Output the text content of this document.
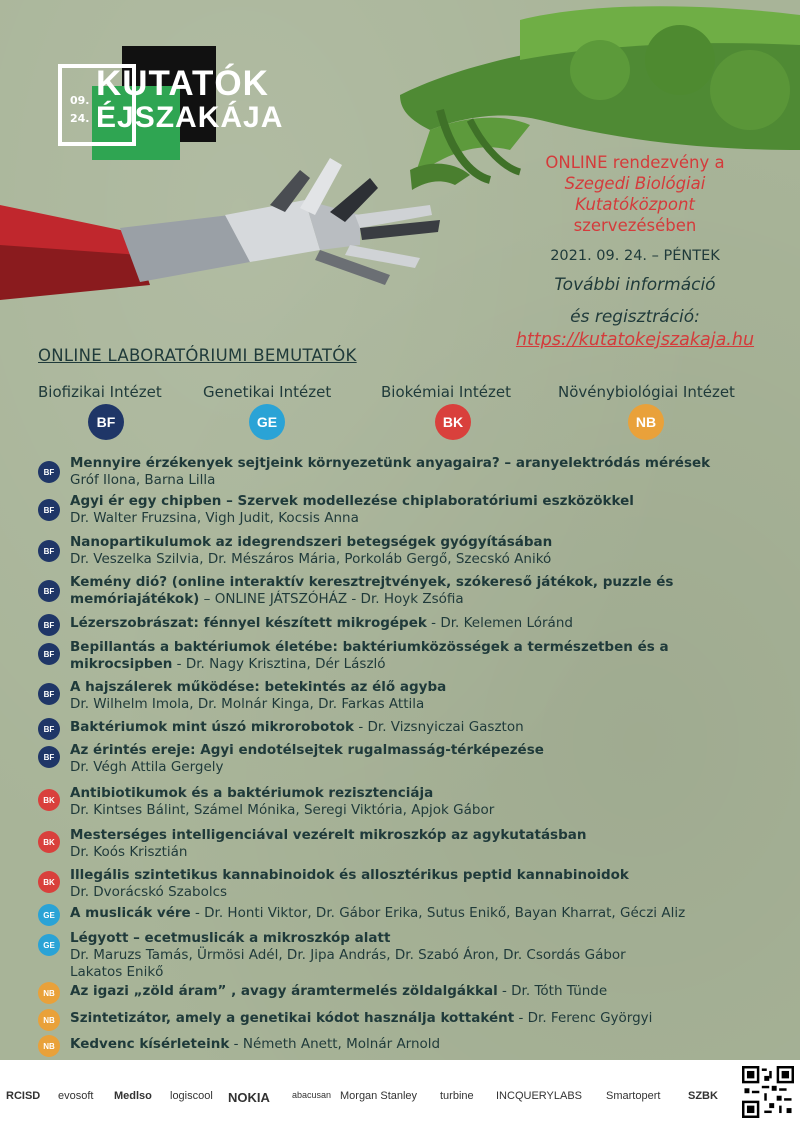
09.
24.
KUTATÓK
ÉJSZAKÁJA
ONLINE rendezvény a
Szegedi Biológiai
Kutatóközpont
szervezésében
2021. 09. 24. – PÉNTEK
További információ
és regisztráció:
https://kutatokejszakaja.hu
ONLINE LABORATÓRIUMI BEMUTATÓK
Biofizikai Intézet	Genetikai Intézet	Biokémiai Intézet	Növénybiológiai Intézet
BF	GE	BK	NB
BF
Mennyire érzékenyek sejtjeink környezetünk anyagaira? – aranyelektródás mérések
Gróf Ilona, Barna Lilla
BF
Agyi ér egy chipben – Szervek modellezése chiplaboratóriumi eszközökkel
Dr. Walter Fruzsina, Vigh Judit, Kocsis Anna
BF
Nanopartikulumok az idegrendszeri betegségek gyógyításában
Dr. Veszelka Szilvia, Dr. Mészáros Mária, Porkoláb Gergő, Szecskó Anikó
BF
Kemény dió? (online interaktív keresztrejtvények, szókereső játékok, puzzle és
memóriajátékok) – ONLINE JÁTSZÓHÁZ - Dr. Hoyk Zsófia
BF	Lézerszobrászat: fénnyel készített mikrogépek - Dr. Kelemen Lóránd
BF	Bepillantás a baktériumok életébe: baktériumközösségek a természetben és a
mikrocsipben - Dr. Nagy Krisztina, Dér László
BF	A hajszálerek működése: betekintés az élő agyba
Dr. Wilhelm Imola, Dr. Molnár Kinga, Dr. Farkas Attila
BF	Baktériumok mint úszó mikrorobotok - Dr. Vizsnyiczai Gaszton
BF	Az érintés ereje: Agyi endotélsejtek rugalmasság-térképezése
Dr. Végh Attila Gergely
BK	Antibiotikumok és a baktériumok rezisztenciája
Dr. Kintses Bálint, Számel Mónika, Seregi Viktória, Apjok Gábor
BK	Mesterséges intelligenciával vezérelt mikroszkóp az agykutatásban
Dr. Koós Krisztián
BK	Illegális szintetikus kannabinoidok és allosztérikus peptid kannabinoidok
Dr. Dvorácskó Szabolcs
GE	A muslicák vére - Dr. Honti Viktor, Dr. Gábor Erika, Sutus Enikő, Bayan Kharrat, Géczi Aliz
GE	Légyott – ecetmuslicák a mikroszkóp alatt
Dr. Maruzs Tamás, Ürmösi Adél, Dr. Jipa András, Dr. Szabó Áron, Dr. Csordás Gábor
Lakatos Enikő
NB	Az igazi „zöld áram” , avagy áramtermelés zöldalgákkal - Dr. Tóth Tünde
NB	Szintetizátor, amely a genetikai kódot használja kottaként - Dr. Ferenc Györgyi
NB	Kedvenc kísérleteink - Németh Anett, Molnár Arnold
RCISD evosoft Medlso logiscool NOKIA abacusan Morgan Stanley turbine INCQUERYLABS Smartopert	SZBK
